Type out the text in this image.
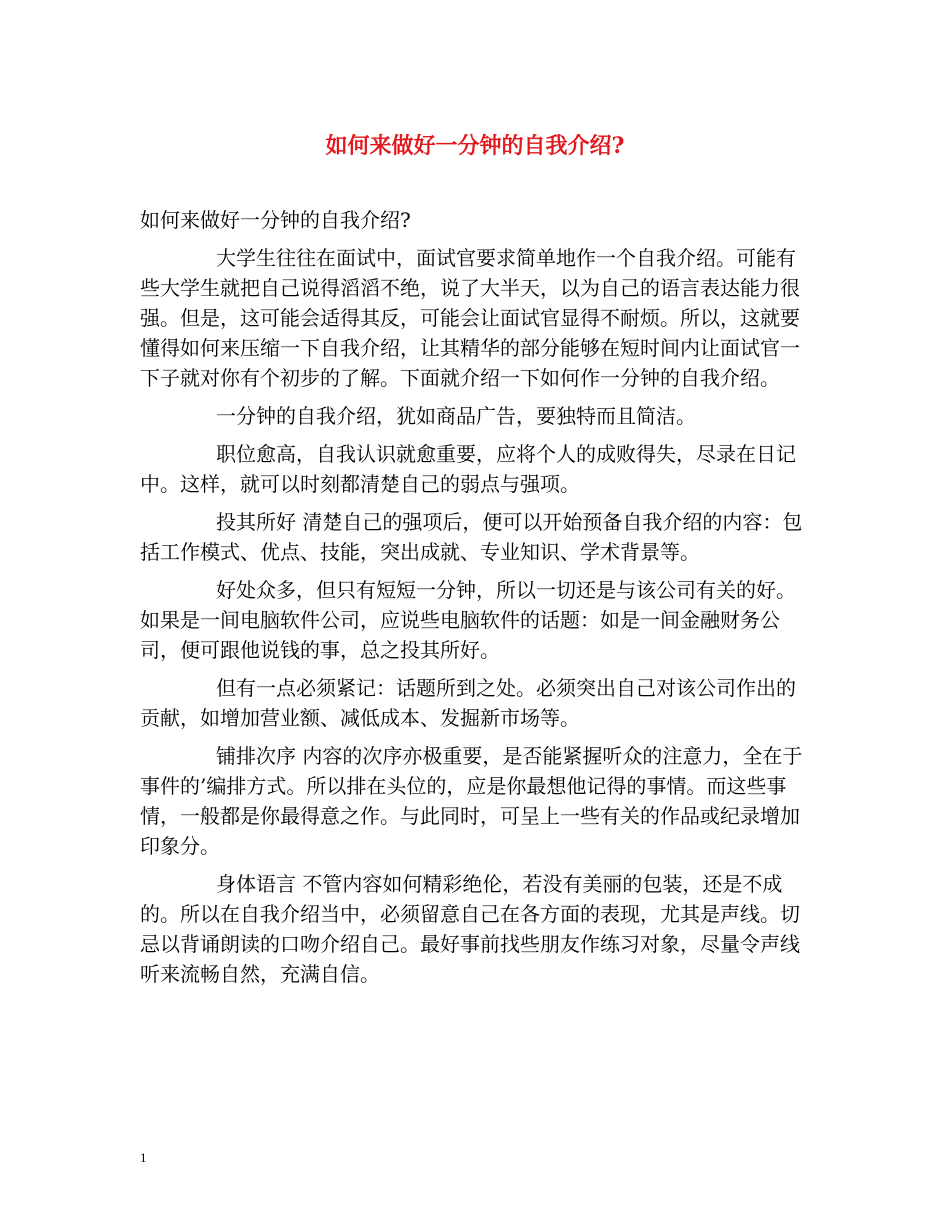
如何来做好一分钟的自我介绍?

如何来做好一分钟的自我介绍?

大学生往往在面试中，面试官要求简单地作一个自我介绍。可能有些大学生就把自己说得滔滔不绝，说了大半天，以为自己的语言表达能力很强。但是，这可能会适得其反，可能会让面试官显得不耐烦。所以，这就要懂得如何来压缩一下自我介绍，让其精华的部分能够在短时间内让面试官一下子就对你有个初步的了解。下面就介绍一下如何作一分钟的自我介绍。

一分钟的自我介绍，犹如商品广告，要独特而且简洁。

职位愈高，自我认识就愈重要，应将个人的成败得失，尽录在日记中。这样，就可以时刻都清楚自己的弱点与强项。

投其所好 清楚自己的强项后，便可以开始预备自我介绍的内容：包括工作模式、优点、技能，突出成就、专业知识、学术背景等。

好处众多，但只有短短一分钟，所以一切还是与该公司有关的好。如果是一间电脑软件公司，应说些电脑软件的话题：如是一间金融财务公司，便可跟他说钱的事，总之投其所好。

但有一点必须紧记：话题所到之处。必须突出自己对该公司作出的贡献，如增加营业额、减低成本、发掘新市场等。

铺排次序 内容的次序亦极重要，是否能紧握听众的注意力，全在于事件的’编排方式。所以排在头位的，应是你最想他记得的事情。而这些事情，一般都是你最得意之作。与此同时，可呈上一些有关的作品或纪录增加印象分。

身体语言 不管内容如何精彩绝伦，若没有美丽的包装，还是不成的。所以在自我介绍当中，必须留意自己在各方面的表现，尤其是声线。切忌以背诵朗读的口吻介绍自己。最好事前找些朋友作练习对象，尽量令声线听来流畅自然，充满自信。

1
